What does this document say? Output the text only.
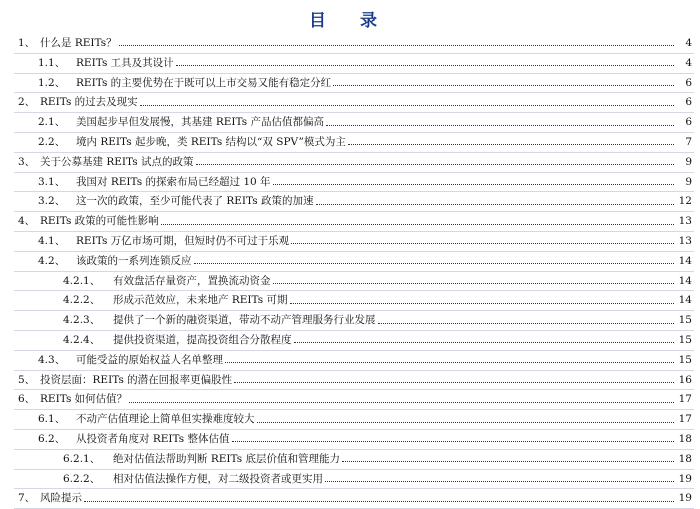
目 录
1、 什么是 REITs？	4
1.1、 REITs 工具及其设计	4
1.2、 REITs 的主要优势在于既可以上市交易又能有稳定分红	6
2、 REITs 的过去及现实	6
2.1、 美国起步早但发展慢，其基建 REITs 产品估值都偏高	6
2.2、 境内 REITs 起步晚，类 REITs 结构以“双 SPV”模式为主	7
3、 关于公募基建 REITs 试点的政策	9
3.1、 我国对 REITs 的探索布局已经超过 10 年	9
3.2、 这一次的政策，至少可能代表了 REITs 政策的加速	12
4、 REITs 政策的可能性影响	13
4.1、 REITs 万亿市场可期，但短时仍不可过于乐观	13
4.2、 该政策的一系列连锁反应	14
4.2.1、 有效盘活存量资产，置换流动资金	14
4.2.2、 形成示范效应，未来地产 REITs 可期	14
4.2.3、 提供了一个新的融资渠道，带动不动产管理服务行业发展	15
4.2.4、 提供投资渠道，提高投资组合分散程度	15
4.3、 可能受益的原始权益人名单整理	15
5、 投资层面：REITs 的潜在回报率更偏股性	16
6、 REITs 如何估值？	17
6.1、 不动产估值理论上简单但实操难度较大	17
6.2、 从投资者角度对 REITs 整体估值	18
6.2.1、 绝对估值法帮助判断 REITs 底层价值和管理能力	18
6.2.2、 相对估值法操作方便，对二级投资者或更实用	19
7、 风险提示	19
